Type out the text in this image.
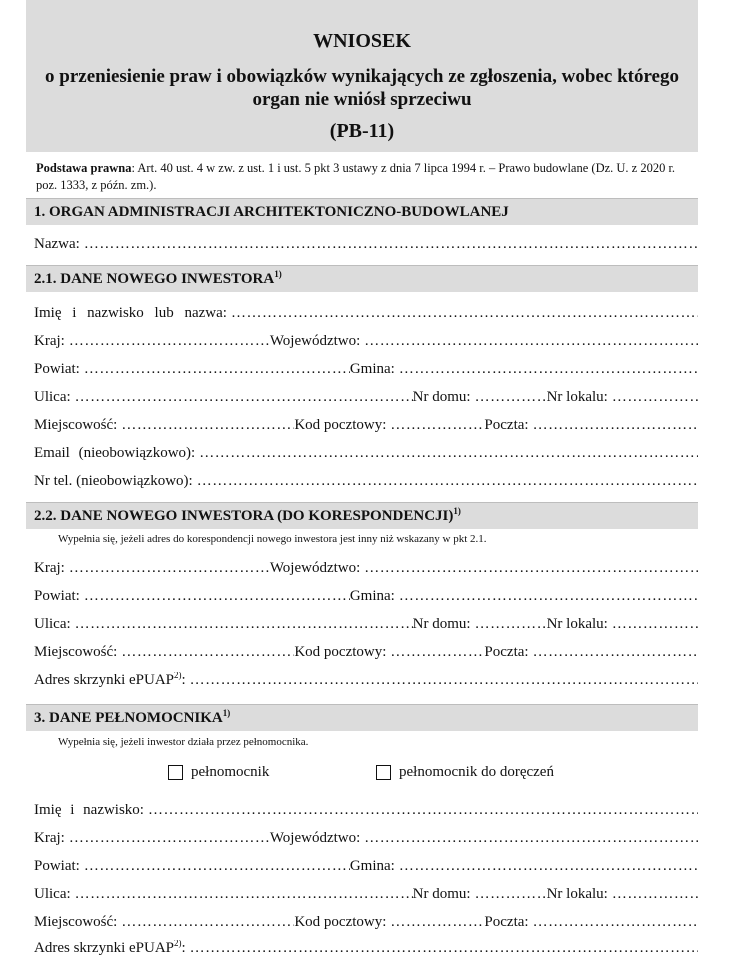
WNIOSEK
o przeniesienie praw i obowiązków wynikających ze zgłoszenia, wobec którego organ nie wniósł sprzeciwu
(PB-11)
Podstawa prawna: Art. 40 ust. 4 w zw. z ust. 1 i ust. 5 pkt 3 ustawy z dnia 7 lipca 1994 r. – Prawo budowlane (Dz. U. z 2020 r. poz. 1333, z późn. zm.).
1. ORGAN ADMINISTRACJI ARCHITEKTONICZNO-BUDOWLANEJ
Nazwa:
……………………………………………………………………………………………………………………………………………………………………………………
2.1. DANE NOWEGO INWESTORA$^{1)}$
Imię i nazwisko lub nazwa:
……………………………………………………………………………………………………………………………………………………………………………………
Kraj: ……………………………………………………………………………………………………………………………………………………………………………………	Województwo:
……………………………………………………………………………………………………………………………………………………………………………………
Powiat: ……………………………………………………………………………………………………………………………………………………………………………………	Gmina:
……………………………………………………………………………………………………………………………………………………………………………………
Ulica: ……………………………………………………………………………………………………………………………………………………………………………………	Nr domu: ……………………………………………………………………………………………………………………………………………………………………………………	Nr lokalu:
……………………………………………………………………………………………………………………………………………………………………………………
Miejscowość: ……………………………………………………………………………………………………………………………………………………………………………………	Kod pocztowy: ……………………………………………………………………………………………………………………………………………………………………………………	Poczta:
……………………………………………………………………………………………………………………………………………………………………………………
Email (nieobowiązkowo):
……………………………………………………………………………………………………………………………………………………………………………………
Nr tel. (nieobowiązkowo):
……………………………………………………………………………………………………………………………………………………………………………………
2.2. DANE NOWEGO INWESTORA (DO KORESPONDENCJI)$^{1)}$
Wypełnia się, jeżeli adres do korespondencji nowego inwestora jest inny niż wskazany w pkt 2.1.
Kraj: ……………………………………………………………………………………………………………………………………………………………………………………	Województwo:
……………………………………………………………………………………………………………………………………………………………………………………
Powiat: ……………………………………………………………………………………………………………………………………………………………………………………	Gmina:
……………………………………………………………………………………………………………………………………………………………………………………
Ulica: ……………………………………………………………………………………………………………………………………………………………………………………	Nr domu: ……………………………………………………………………………………………………………………………………………………………………………………	Nr lokalu:
……………………………………………………………………………………………………………………………………………………………………………………
Miejscowość: ……………………………………………………………………………………………………………………………………………………………………………………	Kod pocztowy: ……………………………………………………………………………………………………………………………………………………………………………………	Poczta:
……………………………………………………………………………………………………………………………………………………………………………………
Adres skrzynki ePUAP$^{2)}$:
……………………………………………………………………………………………………………………………………………………………………………………
3. DANE PEŁNOMOCNIKA$^{1)}$
Wypełnia się, jeżeli inwestor działa przez pełnomocnika.
pełnomocnik	pełnomocnik do doręczeń
Imię i nazwisko:
……………………………………………………………………………………………………………………………………………………………………………………
Kraj: ……………………………………………………………………………………………………………………………………………………………………………………	Województwo:
……………………………………………………………………………………………………………………………………………………………………………………
Powiat: ……………………………………………………………………………………………………………………………………………………………………………………	Gmina:
……………………………………………………………………………………………………………………………………………………………………………………
Ulica: ……………………………………………………………………………………………………………………………………………………………………………………	Nr domu: ……………………………………………………………………………………………………………………………………………………………………………………	Nr lokalu:
……………………………………………………………………………………………………………………………………………………………………………………
Miejscowość: ……………………………………………………………………………………………………………………………………………………………………………………	Kod pocztowy: ……………………………………………………………………………………………………………………………………………………………………………………	Poczta:
……………………………………………………………………………………………………………………………………………………………………………………
Adres skrzynki ePUAP$^{2)}$:
……………………………………………………………………………………………………………………………………………………………………………………
